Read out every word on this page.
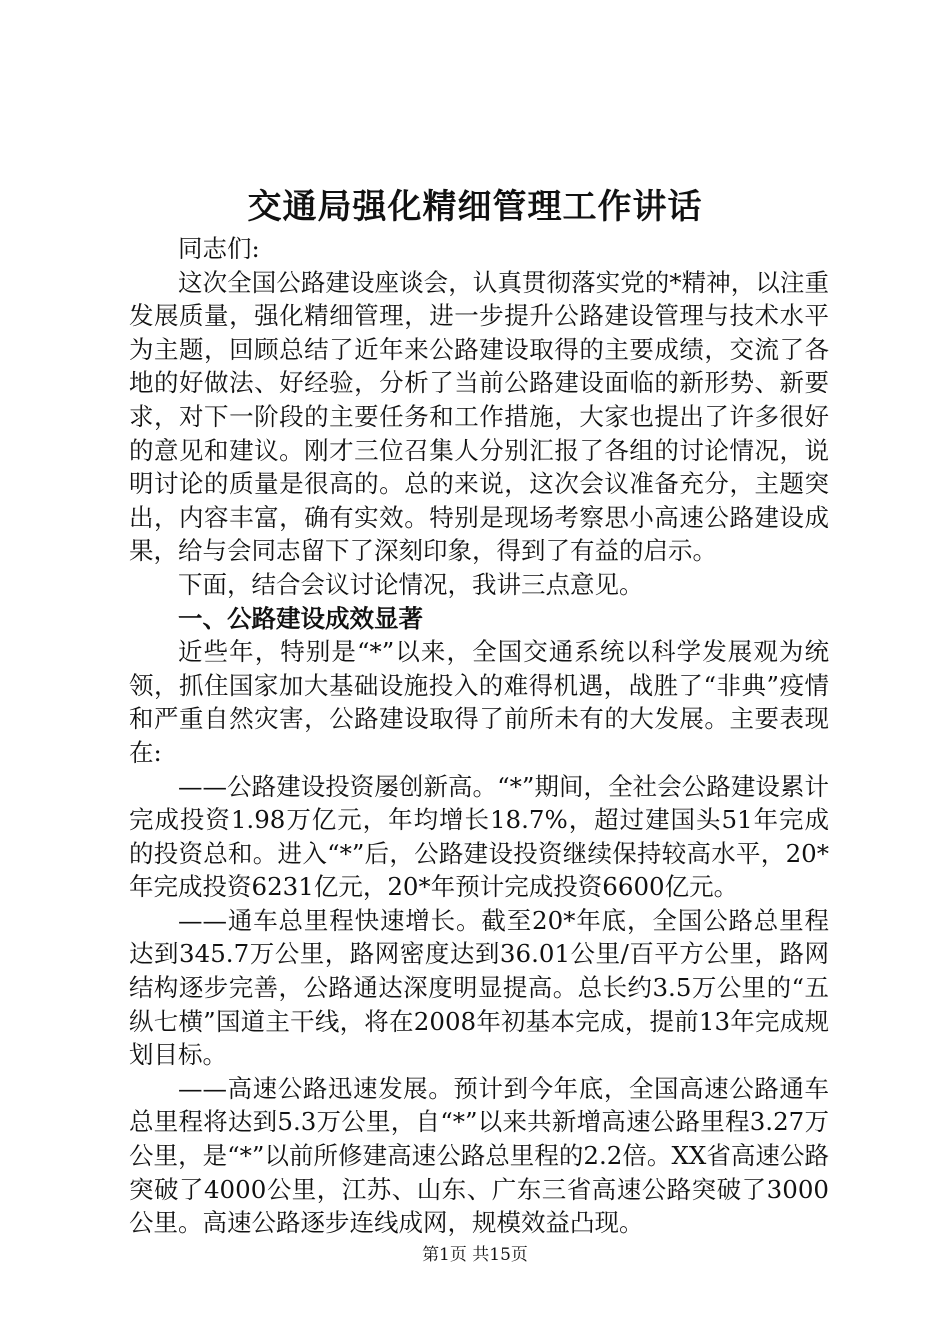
交通局强化精细管理工作讲话

同志们:

这次全国公路建设座谈会，认真贯彻落实党的*精神，以注重发展质量，强化精细管理，进一步提升公路建设管理与技术水平为主题，回顾总结了近年来公路建设取得的主要成绩，交流了各地的好做法、好经验，分析了当前公路建设面临的新形势、新要求，对下一阶段的主要任务和工作措施，大家也提出了许多很好的意见和建议。刚才三位召集人分别汇报了各组的讨论情况，说明讨论的质量是很高的。总的来说，这次会议准备充分，主题突出，内容丰富，确有实效。特别是现场考察思小高速公路建设成果，给与会同志留下了深刻印象，得到了有益的启示。

下面，结合会议讨论情况，我讲三点意见。

一、公路建设成效显著

近些年，特别是“*”以来，全国交通系统以科学发展观为统领，抓住国家加大基础设施投入的难得机遇，战胜了“非典”疫情和严重自然灾害，公路建设取得了前所未有的大发展。主要表现在:

——公路建设投资屡创新高。“*”期间，全社会公路建设累计完成投资1.98万亿元，年均增长18.7%，超过建国头51年完成的投资总和。进入“*”后，公路建设投资继续保持较高水平，20*年完成投资6231亿元，20*年预计完成投资6600亿元。

——通车总里程快速增长。截至20*年底，全国公路总里程达到345.7万公里，路网密度达到36.01公里/百平方公里，路网结构逐步完善，公路通达深度明显提高。总长约3.5万公里的“五纵七横”国道主干线，将在2008年初基本完成，提前13年完成规划目标。

——高速公路迅速发展。预计到今年底，全国高速公路通车总里程将达到5.3万公里，自“*”以来共新增高速公路里程3.27万公里，是“*”以前所修建高速公路总里程的2.2倍。XX省高速公路突破了4000公里，江苏、山东、广东三省高速公路突破了3000公里。高速公路逐步连线成网，规模效益凸现。

第1页 共15页
